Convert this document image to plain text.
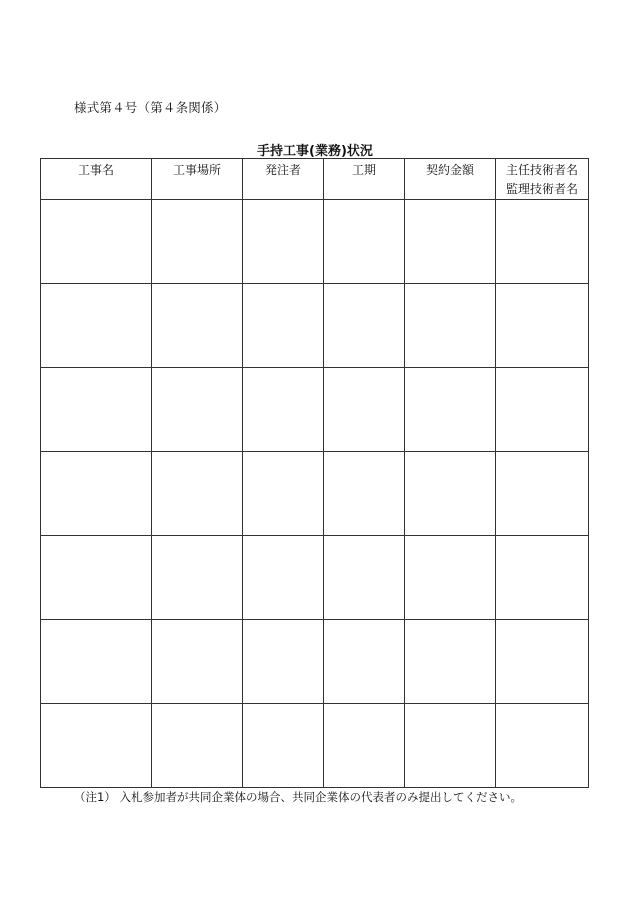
様式第４号（第４条関係）
手持工事(業務)状況
工事名	工事場所	発注者	工期	契約金額	主任技術者名
監理技術者名

（注1） 入札参加者が共同企業体の場合、共同企業体の代表者のみ提出してください。
